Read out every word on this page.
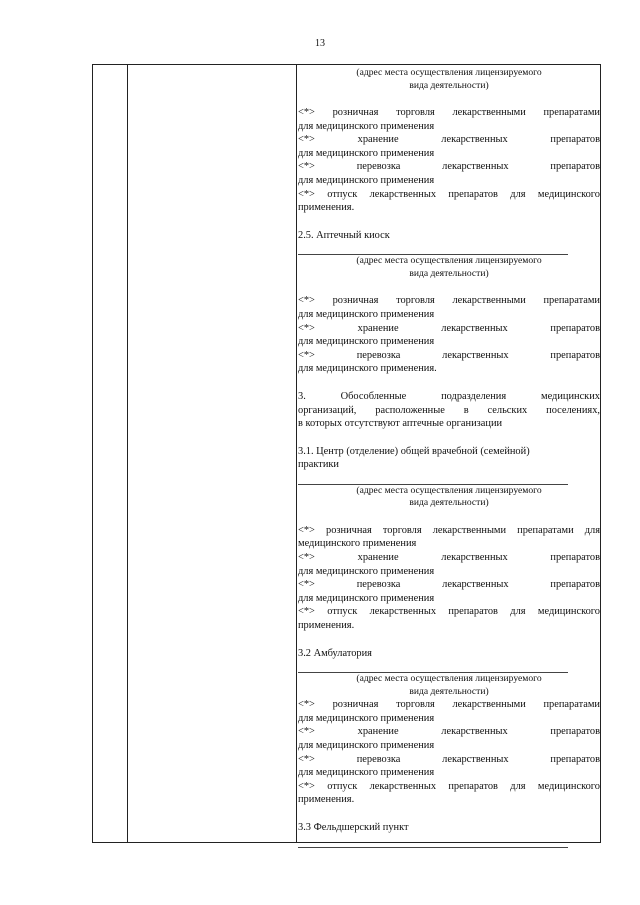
13
(адрес места осуществления лицензируемого
вида деятельности)
<*> розничная торговля лекарственными препаратами
для медицинского применения
<*> хранение лекарственных препаратов
для медицинского применения
<*> перевозка лекарственных препаратов
для медицинского применения
<*> отпуск лекарственных препаратов для медицинского
применения.
2.5. Аптечный киоск
(адрес места осуществления лицензируемого
вида деятельности)
<*> розничная торговля лекарственными препаратами
для медицинского применения
<*> хранение лекарственных препаратов
для медицинского применения
<*> перевозка лекарственных препаратов
для медицинского применения.
3. Обособленные подразделения медицинских
организаций, расположенные в сельских поселениях,
в которых отсутствуют аптечные организации
3.1. Центр (отделение) общей врачебной (семейной)
практики
(адрес места осуществления лицензируемого
вида деятельности)
<*> розничная торговля лекарственными препаратами для
медицинского применения
<*> хранение лекарственных препаратов
для медицинского применения
<*> перевозка лекарственных препаратов
для медицинского применения
<*> отпуск лекарственных препаратов для медицинского
применения.
3.2 Амбулатория
(адрес места осуществления лицензируемого
вида деятельности)
<*> розничная торговля лекарственными препаратами
для медицинского применения
<*> хранение лекарственных препаратов
для медицинского применения
<*> перевозка лекарственных препаратов
для медицинского применения
<*> отпуск лекарственных препаратов для медицинского
применения.
3.3 Фельдшерский пункт
